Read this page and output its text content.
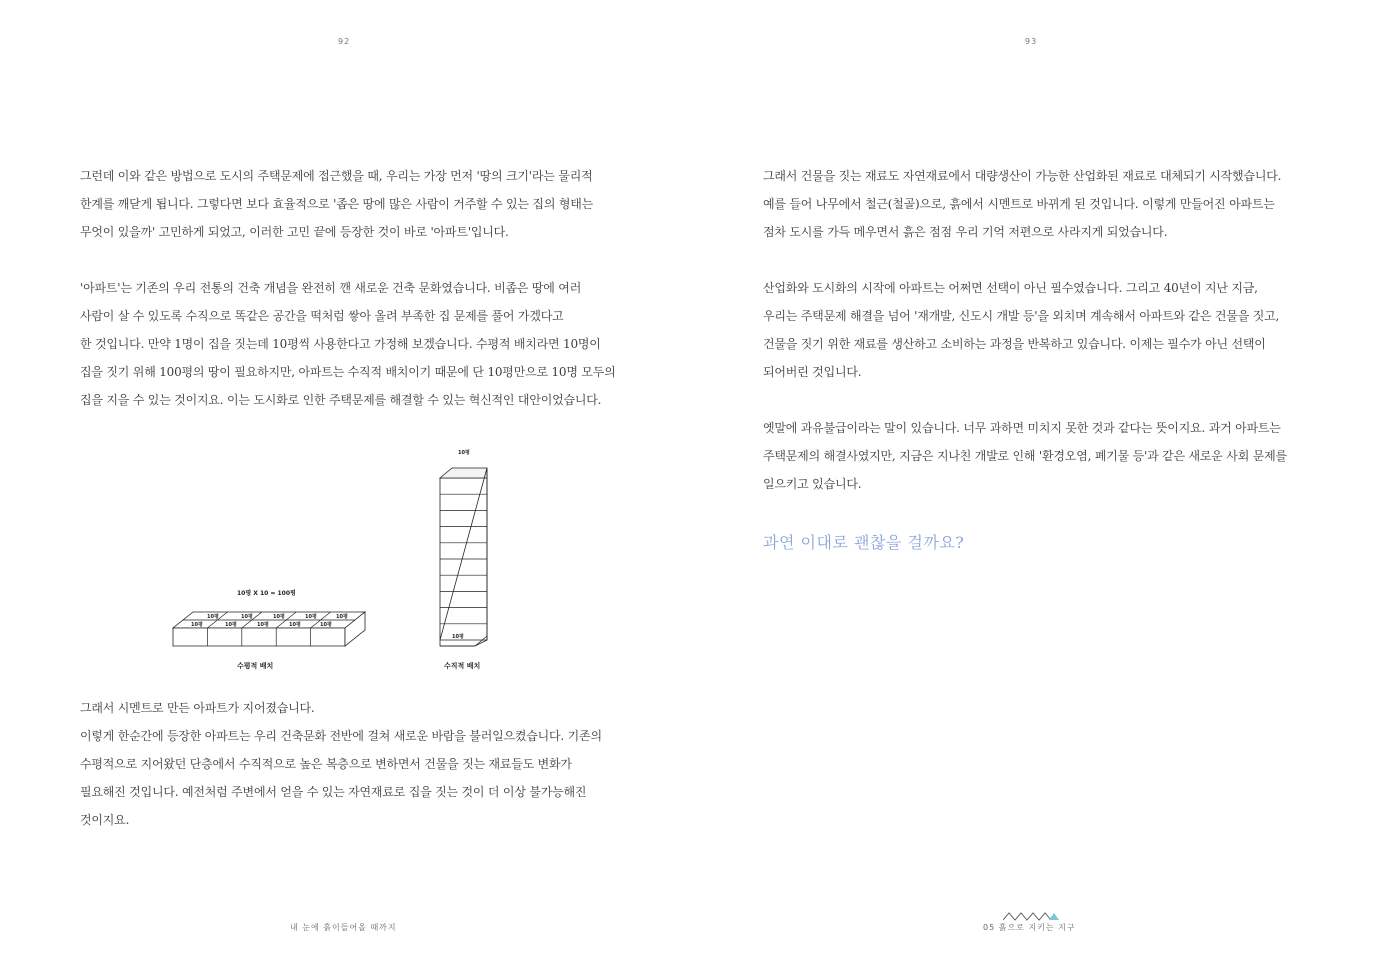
92

그런데 이와 같은 방법으로 도시의 주택문제에 접근했을 때, 우리는 가장 먼저 '땅의 크기'라는 물리적

한계를 깨닫게 됩니다. 그렇다면 보다 효율적으로 '좁은 땅에 많은 사람이 거주할 수 있는 집의 형태는

무엇이 있을까' 고민하게 되었고, 이러한 고민 끝에 등장한 것이 바로 '아파트'입니다.

'아파트'는 기존의 우리 전통의 건축 개념을 완전히 깬 새로운 건축 문화였습니다. 비좁은 땅에 여러

사람이 살 수 있도록 수직으로 똑같은 공간을 떡처럼 쌓아 올려 부족한 집 문제를 풀어 가겠다고

한 것입니다. 만약 1명이 집을 짓는데 10평씩 사용한다고 가정해 보겠습니다. 수평적 배치라면 10명이

집을 짓기 위해 100평의 땅이 필요하지만, 아파트는 수직적 배치이기 때문에 단 10평만으로 10명 모두의

집을 지을 수 있는 것이지요. 이는 도시화로 인한 주택문제를 해결할 수 있는 혁신적인 대안이었습니다.

10평 X 10 = 100평
10평	10평	10평	10평	10평
10평	10평	10평	10평	10평
10평
10평
수평적 배치	수직적 배치

그래서 시멘트로 만든 아파트가 지어졌습니다.

이렇게 한순간에 등장한 아파트는 우리 건축문화 전반에 걸쳐 새로운 바람을 불러일으켰습니다. 기존의

수평적으로 지어왔던 단층에서 수직적으로 높은 복층으로 변하면서 건물을 짓는 재료들도 변화가

필요해진 것입니다. 예전처럼 주변에서 얻을 수 있는 자연재료로 집을 짓는 것이 더 이상 불가능해진

것이지요.

내 눈에 흙이들어올 때까지
93

그래서 건물을 짓는 재료도 자연재료에서 대량생산이 가능한 산업화된 재료로 대체되기 시작했습니다.

예를 들어 나무에서 철근(철골)으로, 흙에서 시멘트로 바뀌게 된 것입니다. 이렇게 만들어진 아파트는

점차 도시를 가득 메우면서 흙은 점점 우리 기억 저편으로 사라지게 되었습니다.

산업화와 도시화의 시작에 아파트는 어쩌면 선택이 아닌 필수였습니다. 그리고 40년이 지난 지금,

우리는 주택문제 해결을 넘어 '재개발, 신도시 개발 등'을 외치며 계속해서 아파트와 같은 건물을 짓고,

건물을 짓기 위한 재료를 생산하고 소비하는 과정을 반복하고 있습니다. 이제는 필수가 아닌 선택이

되어버린 것입니다.

옛말에 과유불급이라는 말이 있습니다. 너무 과하면 미치지 못한 것과 같다는 뜻이지요. 과거 아파트는

주택문제의 해결사였지만, 지금은 지나친 개발로 인해 '환경오염, 폐기물 등'과 같은 새로운 사회 문제를

일으키고 있습니다.

과연 이대로 괜찮을 걸까요?
05 흙으로 지키는 지구
